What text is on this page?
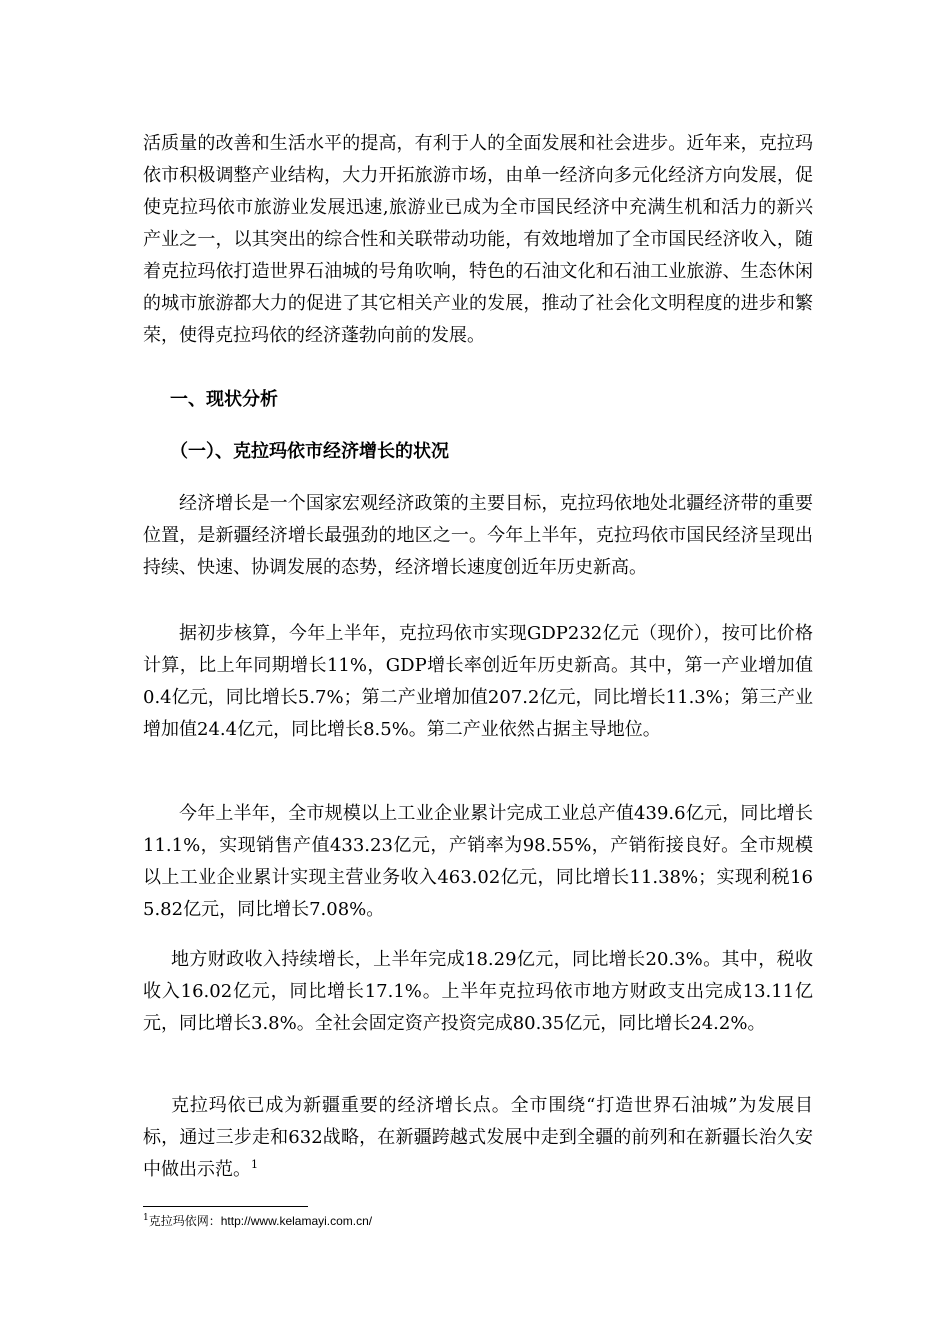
活质量的改善和生活水平的提高，有利于人的全面发展和社会进步。近年来，克拉玛依市积极调整产业结构，大力开拓旅游市场，由单一经济向多元化经济方向发展，促使克拉玛依市旅游业发展迅速,旅游业已成为全市国民经济中充满生机和活力的新兴产业之一，以其突出的综合性和关联带动功能，有效地增加了全市国民经济收入，随着克拉玛依打造世界石油城的号角吹响，特色的石油文化和石油工业旅游、生态休闲的城市旅游都大力的促进了其它相关产业的发展，推动了社会化文明程度的进步和繁荣，使得克拉玛依的经济蓬勃向前的发展。

一、现状分析
（一）、克拉玛依市经济增长的状况

经济增长是一个国家宏观经济政策的主要目标，克拉玛依地处北疆经济带的重要位置，是新疆经济增长最强劲的地区之一。今年上半年，克拉玛依市国民经济呈现出持续、快速、协调发展的态势，经济增长速度创近年历史新高。

据初步核算，今年上半年，克拉玛依市实现GDP232亿元（现价），按可比价格计算，比上年同期增长11%，GDP增长率创近年历史新高。其中，第一产业增加值0.4亿元，同比增长5.7%；第二产业增加值207.2亿元，同比增长11.3%；第三产业增加值24.4亿元，同比增长8.5%。第二产业依然占据主导地位。

今年上半年，全市规模以上工业企业累计完成工业总产值439.6亿元，同比增长11.1%，实现销售产值433.23亿元，产销率为98.55%，产销衔接良好。全市规模以上工业企业累计实现主营业务收入463.02亿元，同比增长11.38%；实现利税165.82亿元，同比增长7.08%。

地方财政收入持续增长，上半年完成18.29亿元，同比增长20.3%。其中，税收收入16.02亿元，同比增长17.1%。上半年克拉玛依市地方财政支出完成13.11亿元，同比增长3.8%。全社会固定资产投资完成80.35亿元，同比增长24.2%。

克拉玛依已成为新疆重要的经济增长点。全市围绕“打造世界石油城”为发展目标，通过三步走和632战略，在新疆跨越式发展中走到全疆的前列和在新疆长治久安中做出示范。$^1$

$^1$克拉玛依网：http://www.kelamayi.com.cn/
